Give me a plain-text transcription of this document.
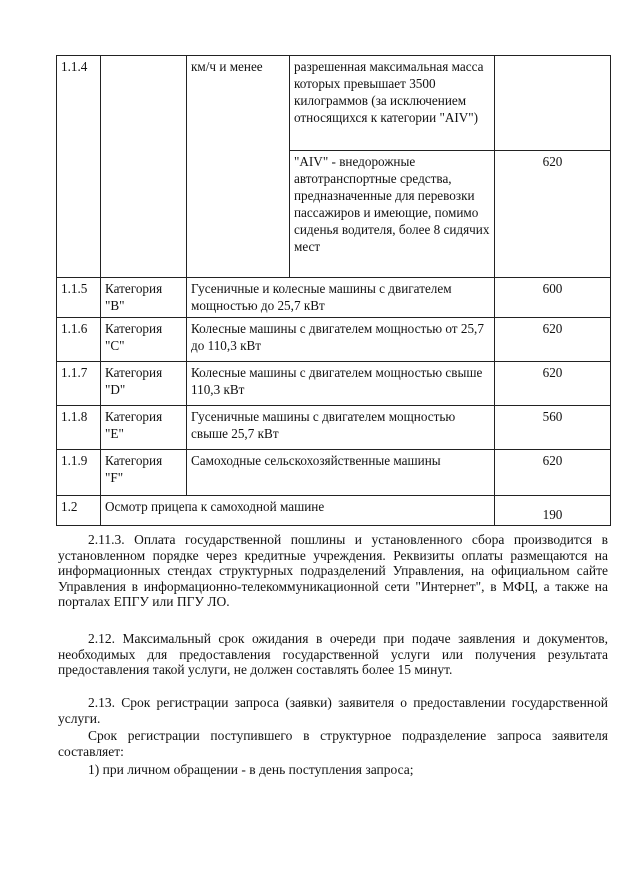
1.1.4		км/ч и менее	разрешенная максимальная масса которых превышает 3500 килограммов (за исключением относящихся к категории "AIV")	
			"AIV" - внедорожные автотранспортные средства, предназначенные для перевозки пассажиров и имеющие, помимо сиденья водителя, более 8 сидячих мест	620
1.1.5	Категория "B"	Гусеничные и колесные машины с двигателем мощностью до 25,7 кВт		600
1.1.6	Категория "C"	Колесные машины с двигателем мощностью от 25,7 до 110,3 кВт		620
1.1.7	Категория "D"	Колесные машины с двигателем мощностью свыше 110,3 кВт		620
1.1.8	Категория "E"	Гусеничные машины с двигателем мощностью свыше 25,7 кВт		560
1.1.9	Категория "F"	Самоходные сельскохозяйственные машины		620
1.2	Осмотр прицепа к самоходной машине			190

2.11.3. Оплата государственной пошлины и установленного сбора производится в установленном порядке через кредитные учреждения. Реквизиты оплаты размещаются на информационных стендах структурных подразделений Управления, на официальном сайте Управления в информационно-телекоммуникационной сети "Интернет", в МФЦ, а также на порталах ЕПГУ или ПГУ ЛО.

2.12. Максимальный срок ожидания в очереди при подаче заявления и документов, необходимых для предоставления государственной услуги или получения результата предоставления такой услуги, не должен составлять более 15 минут.

2.13. Срок регистрации запроса (заявки) заявителя о предоставлении государственной услуги.

Срок регистрации поступившего в структурное подразделение запроса заявителя составляет:

1) при личном обращении - в день поступления запроса;
